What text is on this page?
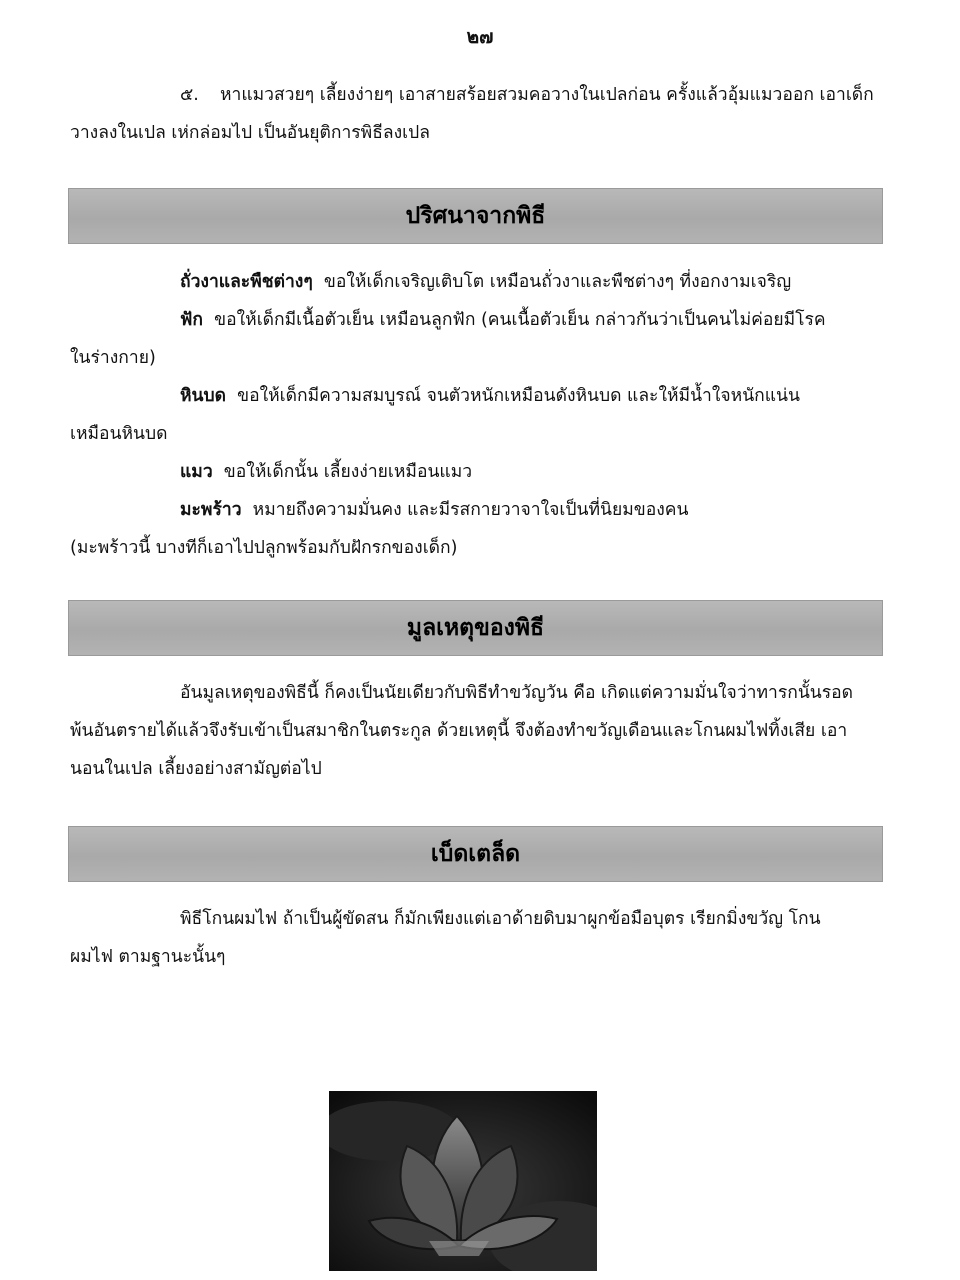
๒๗

๕. หาแมวสวยๆ เลี้ยงง่ายๆ เอาสายสร้อยสวมคอวางในเปลก่อน ครั้งแล้วอุ้มแมวออก เอาเด็ก
วางลงในเปล เห่กล่อมไป เป็นอันยุติการพิธีลงเปล

ปริศนาจากพิธี

ถั่วงาและพืชต่างๆ ขอให้เด็กเจริญเติบโต เหมือนถั่วงาและพืชต่างๆ ที่งอกงามเจริญ
ฟัก ขอให้เด็กมีเนื้อตัวเย็น เหมือนลูกฟัก (คนเนื้อตัวเย็น กล่าวกันว่าเป็นคนไม่ค่อยมีโรค
ในร่างกาย)
หินบด ขอให้เด็กมีความสมบูรณ์ จนตัวหนักเหมือนดังหินบด และให้มีน้ำใจหนักแน่น
เหมือนหินบด
แมว ขอให้เด็กนั้น เลี้ยงง่ายเหมือนแมว
มะพร้าว หมายถึงความมั่นคง และมีรสกายวาจาใจเป็นที่นิยมของคน
(มะพร้าวนี้ บางทีก็เอาไปปลูกพร้อมกับฝักรกของเด็ก)

มูลเหตุของพิธี

อันมูลเหตุของพิธีนี้ ก็คงเป็นนัยเดียวกับพิธีทำขวัญวัน คือ เกิดแต่ความมั่นใจว่าทารกนั้นรอด
พ้นอันตรายได้แล้วจึงรับเข้าเป็นสมาชิกในตระกูล ด้วยเหตุนี้ จึงต้องทำขวัญเดือนและโกนผมไฟทิ้งเสีย เอา
นอนในเปล เลี้ยงอย่างสามัญต่อไป

เบ็ดเตล็ด

พิธีโกนผมไฟ ถ้าเป็นผู้ขัดสน ก็มักเพียงแต่เอาด้ายดิบมาผูกข้อมือบุตร เรียกมิ่งขวัญ โกน
ผมไฟ ตามฐานะนั้นๆ
